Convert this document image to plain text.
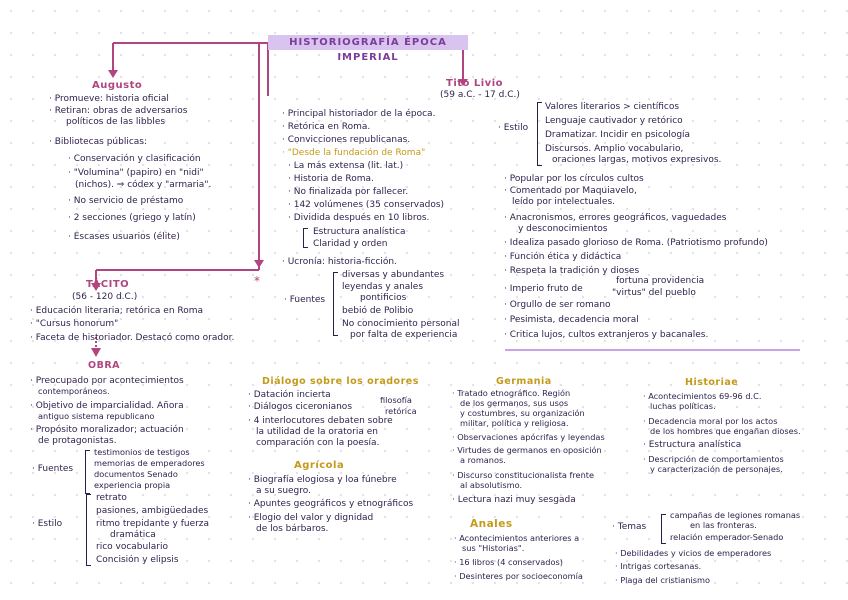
HISTORIOGRAFÍA ÉPOCA IMPERIAL
Augusto
· Promueve: historia oficial
· Retiran: obras de adversarios
políticos de las libbles
· Bibliotecas públicas:
· Conservación y clasificación
· "Volumina" (papiro) en "nidi"
(nichos). ⇒ códex y "armaria".
· No servicio de préstamo
· 2 secciones (griego y latín)
· Escases usuarios (élite)
Tito Livio
(59 a.C. - 17 d.C.)
· Principal historiador de la época.
· Retórica en Roma.
· Convicciones republicanas.
· "Desde la fundación de Roma"
· La más extensa (lit. lat.)
· Historia de Roma.
· No finalizada por fallecer.
· 142 volúmenes (35 conservados)
· Dividida después en 10 libros.
Estructura analística
Claridad y orden
· Ucronía: historia-ficción.
· Fuentes
diversas y abundantes
leyendas y anales
pontificios
bebió de Polibio
No conocimiento personal
por falta de experiencia
· Estilo
Valores literarios > científicos
Lenguaje cautivador y retórico
Dramatizar. Incidir en psicología
Discursos. Amplio vocabulario,
oraciones largas, motivos expresivos.
· Popular por los círculos cultos
· Comentado por Maquiavelo,
leído por intelectuales.
· Anacronismos, errores geográficos, vaguedades
y desconocimientos
· Idealiza pasado glorioso de Roma. (Patriotismo profundo)
· Función ética y didáctica
· Respeta la tradición y dioses
· Imperio fruto de
fortuna providencia
"virtus" del pueblo
· Orgullo de ser romano
· Pesimista, decadencia moral
· Critica lujos, cultos extranjeros y bacanales.
*
TÁCITO
(56 - 120 d.C.)
· Educación literaria; retórica en Roma
· "Cursus honorum"
· Faceta de historiador. Destacó como orador.
OBRA
· Preocupado por acontecimientos
contemporáneos.
· Objetivo de imparcialidad. Añora
antiguo sistema republicano
· Propósito moralizador; actuación
de protagonistas.
· Fuentes
testimonios de testigos
memorias de emperadores
documentos Senado
experiencia propia
· Estilo
retrato
pasiones, ambigüedades
ritmo trepidante y fuerza
dramática
rico vocabulario
Concisión y elipsis
Diálogo sobre los oradores
· Datación incierta
· Diálogos ciceronianos
filosofía
retórica
· 4 interlocutores debaten sobre
la utilidad de la oratoria en
comparación con la poesía.
Agrícola
· Biografía elogiosa y loa fúnebre
a su suegro.
· Apuntes geográficos y etnográficos
· Elogio del valor y dignidad
de los bárbaros.
Germania
· Tratado etnográfico. Región
de los germanos, sus usos
y costumbres, su organización
militar, política y religiosa.
· Observaciones apócrifas y leyendas
· Virtudes de germanos en oposición
a romanos.
· Discurso constitucionalista frente
al absolutismo.
· Lectura nazi muy sesgada
Anales
· Acontecimientos anteriores a
sus "Historias".
· 16 libros (4 conservados)
· Desinteres por socioeconomía
Historiae
· Acontecimientos 69-96 d.C.
luchas políticas.
· Decadencia moral por los actos
de los hombres que engañan dioses.
· Estructura analística
· Descripción de comportamientos
y caracterización de personajes.
· Temas
campañas de legiones romanas
en las fronteras.
relación emperador-Senado
· Debilidades y vicios de emperadores
· Intrigas cortesanas.
· Plaga del cristianismo
